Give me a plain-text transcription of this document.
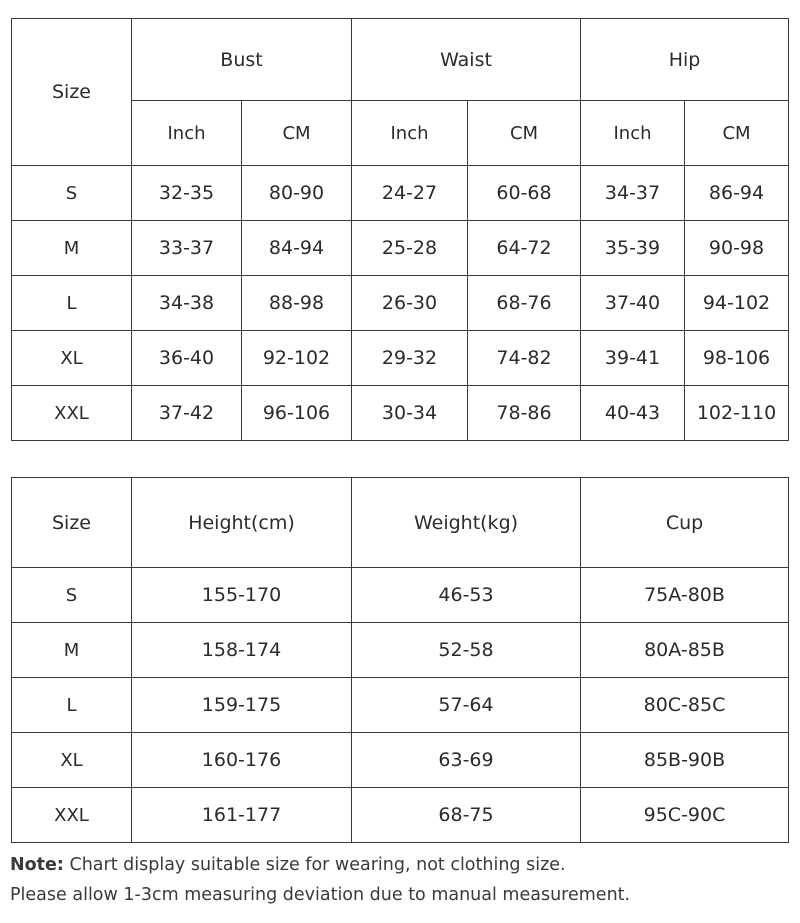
Size	Bust		Waist		Hip	
	Inch	CM	Inch	CM	Inch	CM
S	32-35	80-90	24-27	60-68	34-37	86-94
M	33-37	84-94	25-28	64-72	35-39	90-98
L	34-38	88-98	26-30	68-76	37-40	94-102
XL	36-40	92-102	29-32	74-82	39-41	98-106
XXL	37-42	96-106	30-34	78-86	40-43	102-110
Size	Height(cm)	Weight(kg)	Cup
S	155-170	46-53	75A-80B
M	158-174	52-58	80A-85B
L	159-175	57-64	80C-85C
XL	160-176	63-69	85B-90B
XXL	161-177	68-75	95C-90C
Note: Chart display suitable size for wearing, not clothing size.
Please allow 1-3cm measuring deviation due to manual measurement.
